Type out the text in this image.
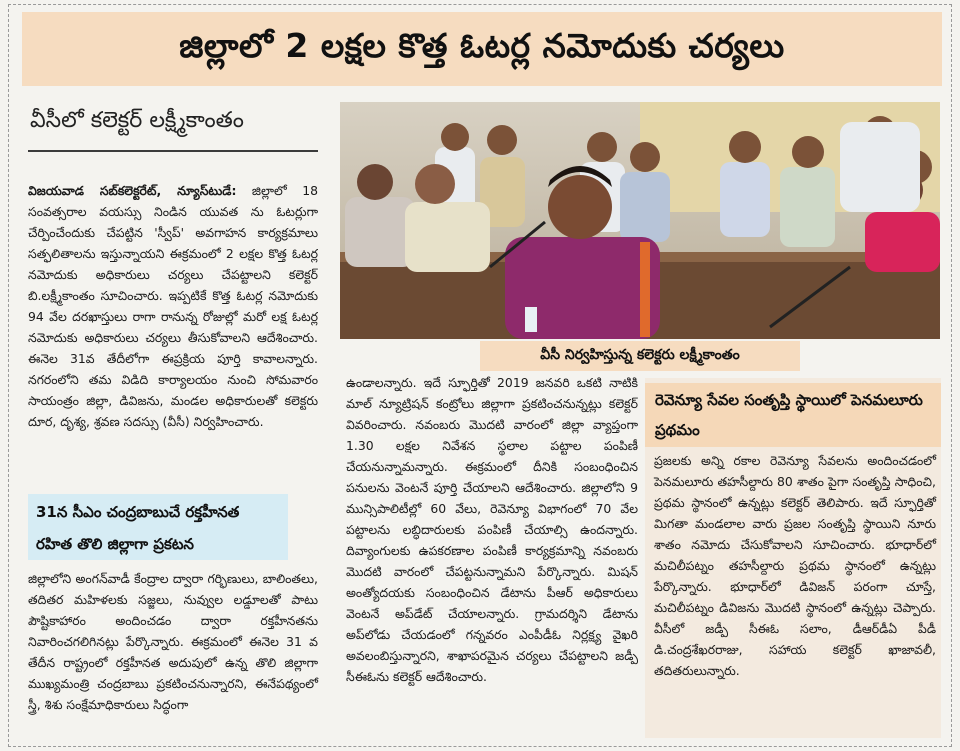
జిల్లాలో 2 లక్షల కొత్త ఓటర్ల నమోదుకు చర్యలు
వీసీలో కలెక్టర్ లక్ష్మీకాంతం
విజయవాడ సబ్‌కలెక్టరేట్, న్యూస్‌టుడే: జిల్లాలో 18 సంవత్సరాల వయస్సు నిండిన యువత ను ఓటర్లుగా చేర్పించేందుకు చేపట్టిన 'స్వీప్' అవగాహన కార్యక్రమాలు సత్ఫలితాలను ఇస్తున్నాయని ఈక్రమంలో 2 లక్షల కొత్త ఓటర్ల నమోదుకు అధికారులు చర్యలు చేపట్టాలని కలెక్టర్ బి.లక్ష్మీకాంతం సూచించారు. ఇప్పటికే కొత్త ఓటర్ల నమోదుకు 94 వేల దరఖాస్తులు రాగా రానున్న రోజుల్లో మరో లక్ష ఓటర్ల నమోదుకు అధికారులు చర్యలు తీసుకోవాలని ఆదేశించారు. ఈనెల 31వ తేదీలోగా ఈప్రక్రియ పూర్తి కావాలన్నారు. నగరంలోని తమ విడిది కార్యాలయం నుంచి సోమవారం సాయంత్రం జిల్లా, డివిజను, మండల అధికారులతో కలెక్టరు దూర, దృశ్య, శ్రవణ సదస్సు (వీసీ) నిర్వహించారు.
31న సీఎం చంద్రబాబుచే రక్తహీనత రహిత తొలి జిల్లాగా ప్రకటన
జిల్లాలోని అంగన్‌వాడీ కేంద్రాల ద్వారా గర్భిణులు, బాలింతలు, తదితర మహిళలకు సజ్జలు, నువ్వుల లడ్డూలతో పాటు పౌష్టికాహారం అందించడం ద్వారా రక్తహీనతను నివారించగలిగినట్లు పేర్కొన్నారు. ఈక్రమంలో ఈనెల 31 వ తేదీన రాష్ట్రంలో రక్తహీనత అదుపులో ఉన్న తొలి జిల్లాగా ముఖ్యమంత్రి చంద్రబాబు ప్రకటించనున్నారని, ఈనేపథ్యంలో స్త్రీ, శిశు సంక్షేమాధికారులు సిద్ధంగా
వీసీ నిర్వహిస్తున్న కలెక్టరు లక్ష్మీకాంతం
ఉండాలన్నారు. ఇదే స్ఫూర్తితో 2019 జనవరి ఒకటి నాటికి మాల్ న్యూట్రిషన్ కంట్రోలు జిల్లాగా ప్రకటించనున్నట్లు కలెక్టర్ వివరించారు. నవంబరు మొదటి వారంలో జిల్లా వ్యాప్తంగా 1.30 లక్షల నివేశన స్థలాల పట్టాల పంపిణీ చేయనున్నామన్నారు. ఈక్రమంలో దీనికి సంబంధించిన పనులను వెంటనే పూర్తి చేయాలని ఆదేశించారు. జిల్లాలోని 9 మున్సిపాలిటీల్లో 60 వేలు, రెవెన్యూ విభాగంలో 70 వేల పట్టాలను లబ్ధిదారులకు పంపిణీ చేయాల్సి ఉందన్నారు. దివ్యాంగులకు ఉపకరణాల పంపిణీ కార్యక్రమాన్ని నవంబరు మొదటి వారంలో చేపట్టనున్నామని పేర్కొన్నారు. మిషన్ అంత్యోదయకు సంబంధించిన డేటాను పీఆర్ అధికారులు వెంటనే అప్‌డేట్ చేయాలన్నారు. గ్రామదర్శిని డేటాను అప్‌లోడు చేయడంలో గన్నవరం ఎంపీడీఓ నిర్లక్ష్య వైఖరి అవలంబిస్తున్నారని, శాఖాపరమైన చర్యలు చేపట్టాలని జడ్పీ సీఈఓను కలెక్టర్ ఆదేశించారు.
రెవెన్యూ సేవల సంతృప్తి స్థాయిలో పెనమలూరు ప్రథమం
ప్రజలకు అన్ని రకాల రెవెన్యూ సేవలను అందించడంలో పెనమలూరు తహసీల్దారు 80 శాతం పైగా సంతృప్తి సాధించి, ప్రథమ స్థానంలో ఉన్నట్లు కలెక్టర్ తెలిపారు. ఇదే స్ఫూర్తితో మిగతా మండలాల వారు ప్రజల సంతృప్తి స్థాయిని నూరు శాతం నమోదు చేసుకోవాలని సూచించారు. భూధార్‌లో మచిలీపట్నం తహసీల్దారు ప్రథమ స్థానంలో ఉన్నట్లు పేర్కొన్నారు. భూధార్‌లో డివిజన్ పరంగా చూస్తే, మచిలీపట్నం డివిజను మొదటి స్థానంలో ఉన్నట్లు చెప్పారు. వీసీలో జడ్పీ సీఈఓ సలాం, డీఆర్‌డీఏ పీడీ డి.చంద్రశేఖరరాజు, సహాయ కలెక్టర్ ఖాజావలీ, తదితరులున్నారు.
